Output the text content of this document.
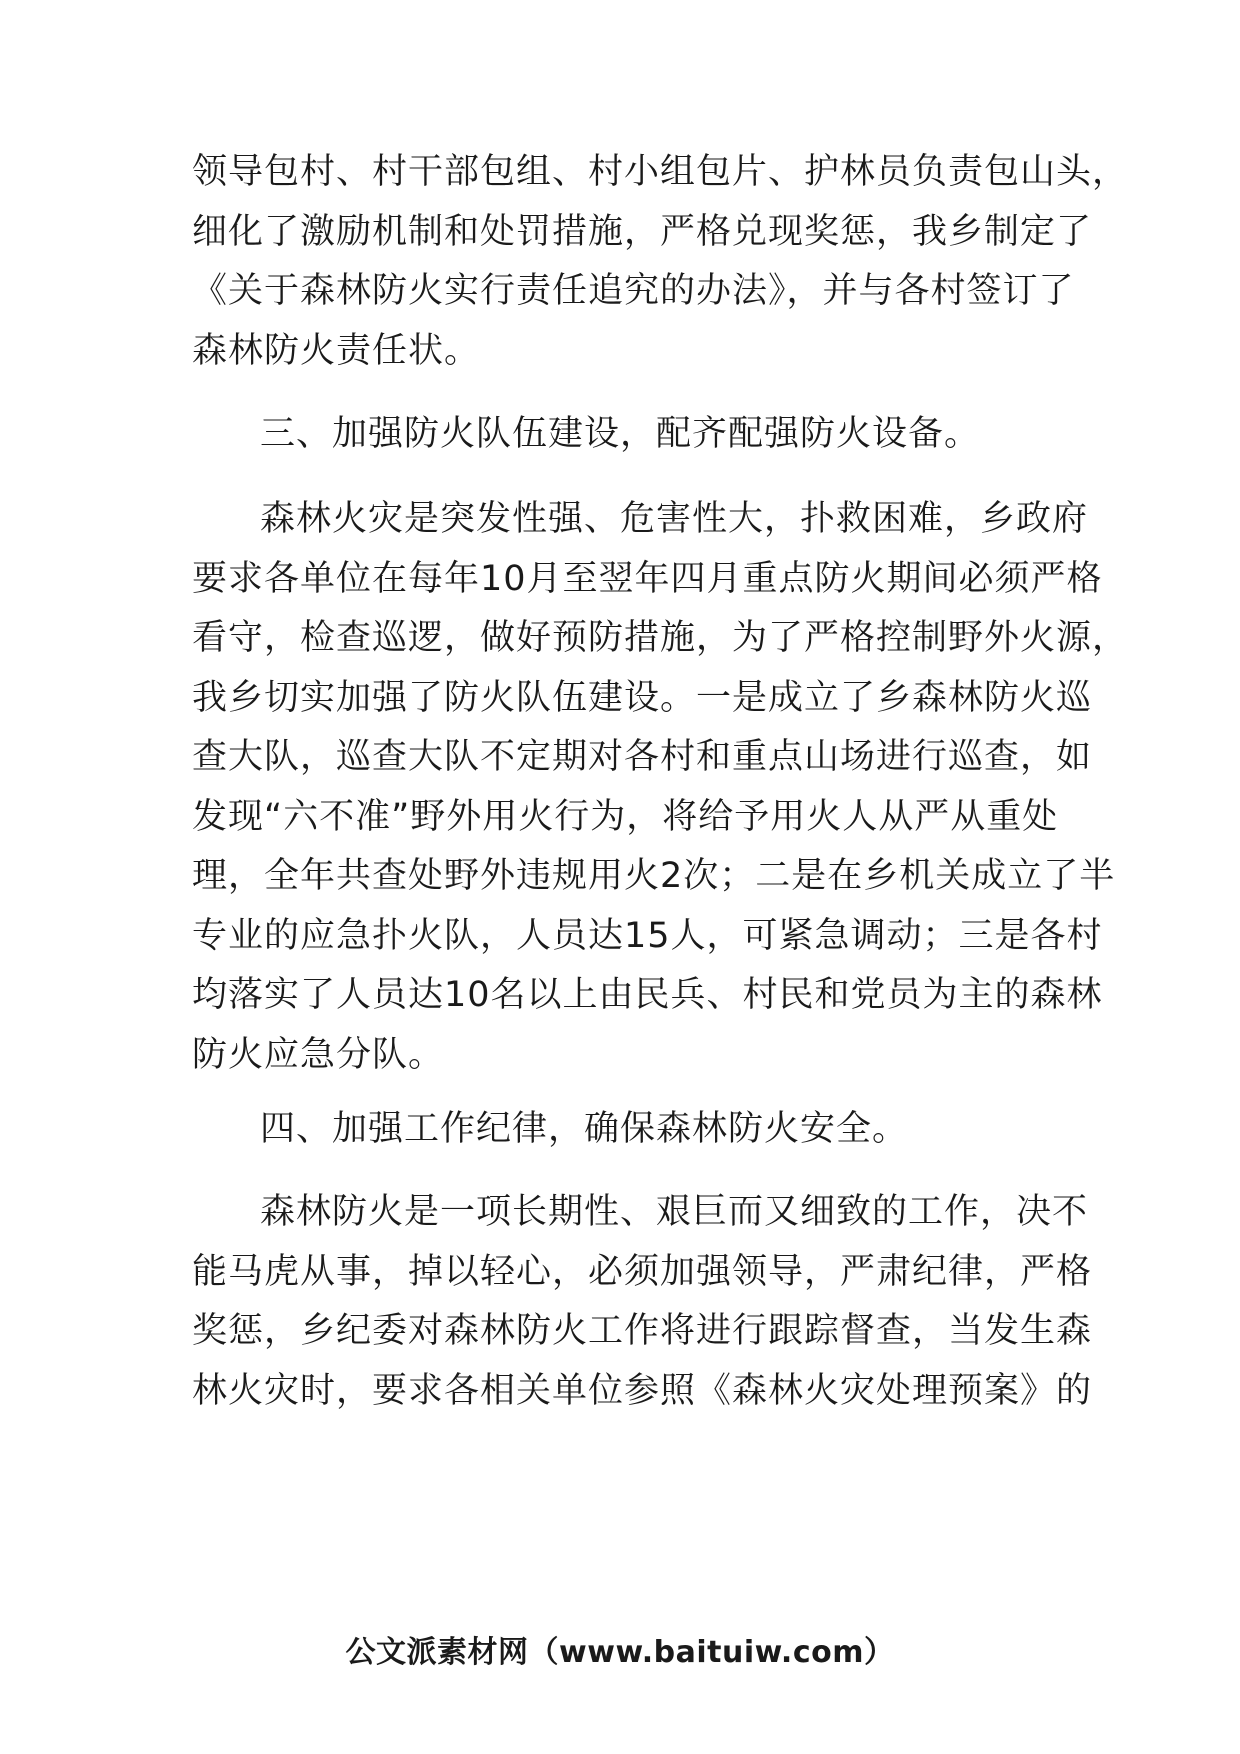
领导包村、村干部包组、村小组包片、护林员负责包山头，
细化了激励机制和处罚措施，严格兑现奖惩，我乡制定了
《关于森林防火实行责任追究的办法》，并与各村签订了
森林防火责任状。
三、加强防火队伍建设，配齐配强防火设备。
森林火灾是突发性强、危害性大，扑救困难，乡政府
要求各单位在每年10月至翌年四月重点防火期间必须严格
看守，检查巡逻，做好预防措施，为了严格控制野外火源，
我乡切实加强了防火队伍建设。一是成立了乡森林防火巡
查大队，巡查大队不定期对各村和重点山场进行巡查，如
发现“六不准”野外用火行为，将给予用火人从严从重处
理，全年共查处野外违规用火2次；二是在乡机关成立了半
专业的应急扑火队，人员达15人，可紧急调动；三是各村
均落实了人员达10名以上由民兵、村民和党员为主的森林
防火应急分队。
四、加强工作纪律，确保森林防火安全。
森林防火是一项长期性、艰巨而又细致的工作，决不
能马虎从事，掉以轻心，必须加强领导，严肃纪律，严格
奖惩，乡纪委对森林防火工作将进行跟踪督查，当发生森
林火灾时，要求各相关单位参照《森林火灾处理预案》的
公文派素材网（www.baituiw.com）
